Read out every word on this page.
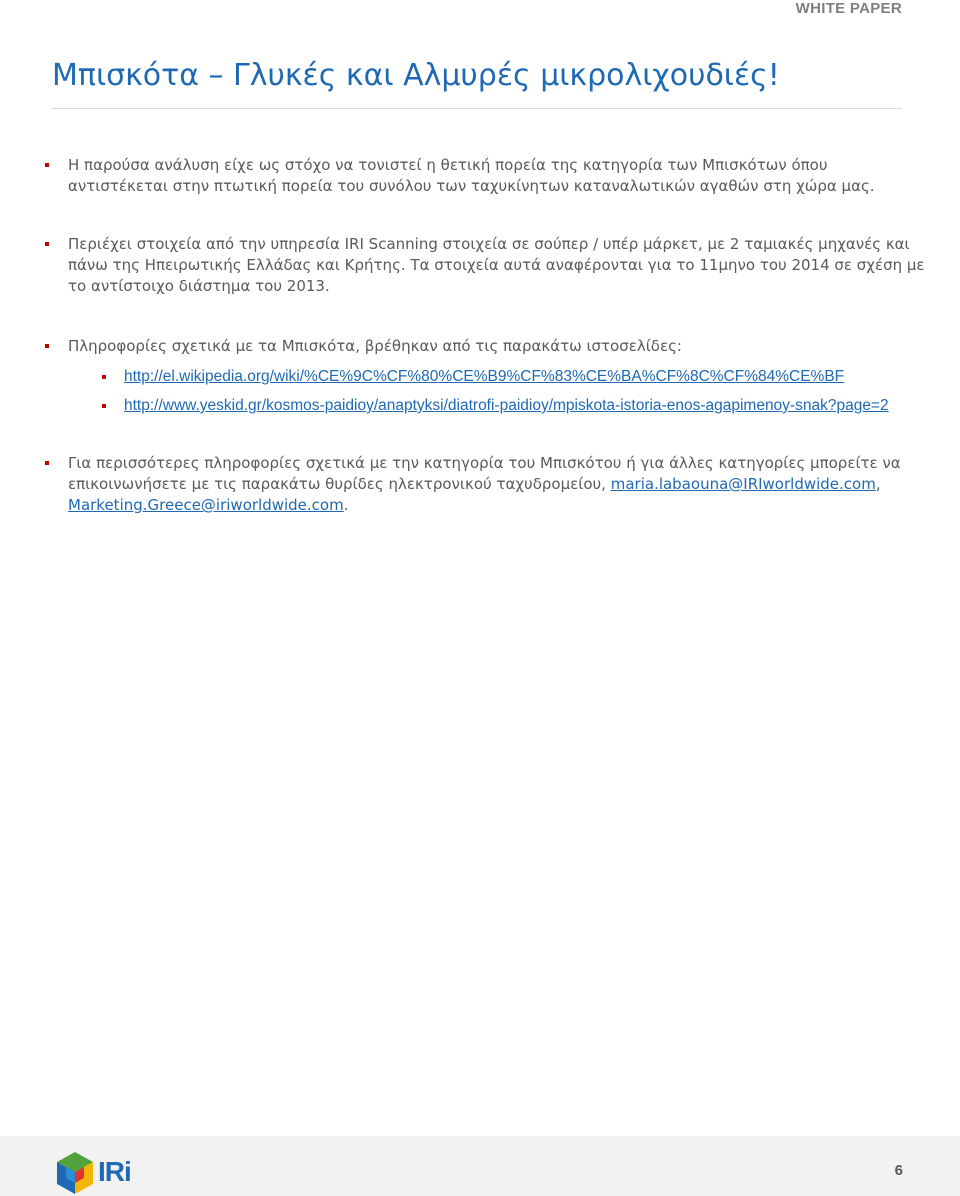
WHITE PAPER
Μπισκότα – Γλυκές και Αλμυρές μικρολιχουδιές!
Η παρούσα ανάλυση είχε ως στόχο να τονιστεί η θετική πορεία της κατηγορία των Μπισκότων όπου αντιστέκεται στην πτωτική πορεία του συνόλου των ταχυκίνητων καταναλωτικών αγαθών στη χώρα μας.
Περιέχει στοιχεία από την υπηρεσία IRI Scanning στοιχεία σε σούπερ / υπέρ μάρκετ, με 2 ταμιακές μηχανές και πάνω της Ηπειρωτικής Ελλάδας και Κρήτης. Τα στοιχεία αυτά αναφέρονται για το 11μηνο του 2014 σε σχέση με το αντίστοιχο διάστημα του 2013.
Πληροφορίες σχετικά με τα Μπισκότα, βρέθηκαν από τις παρακάτω ιστοσελίδες:
http://el.wikipedia.org/wiki/%CE%9C%CF%80%CE%B9%CF%83%CE%BA%CF%8C%CF%84%CE%BF
http://www.yeskid.gr/kosmos-paidioy/anaptyksi/diatrofi-paidioy/mpiskota-istoria-enos-agapimenoy-snak?page=2
Για περισσότερες πληροφορίες σχετικά με την κατηγορία του Μπισκότου ή για άλλες κατηγορίες μπορείτε να επικοινωνήσετε με τις παρακάτω θυρίδες ηλεκτρονικού ταχυδρομείου, maria.labaouna@IRIworldwide.com, Marketing.Greece@iriworldwide.com.
IRi	6
